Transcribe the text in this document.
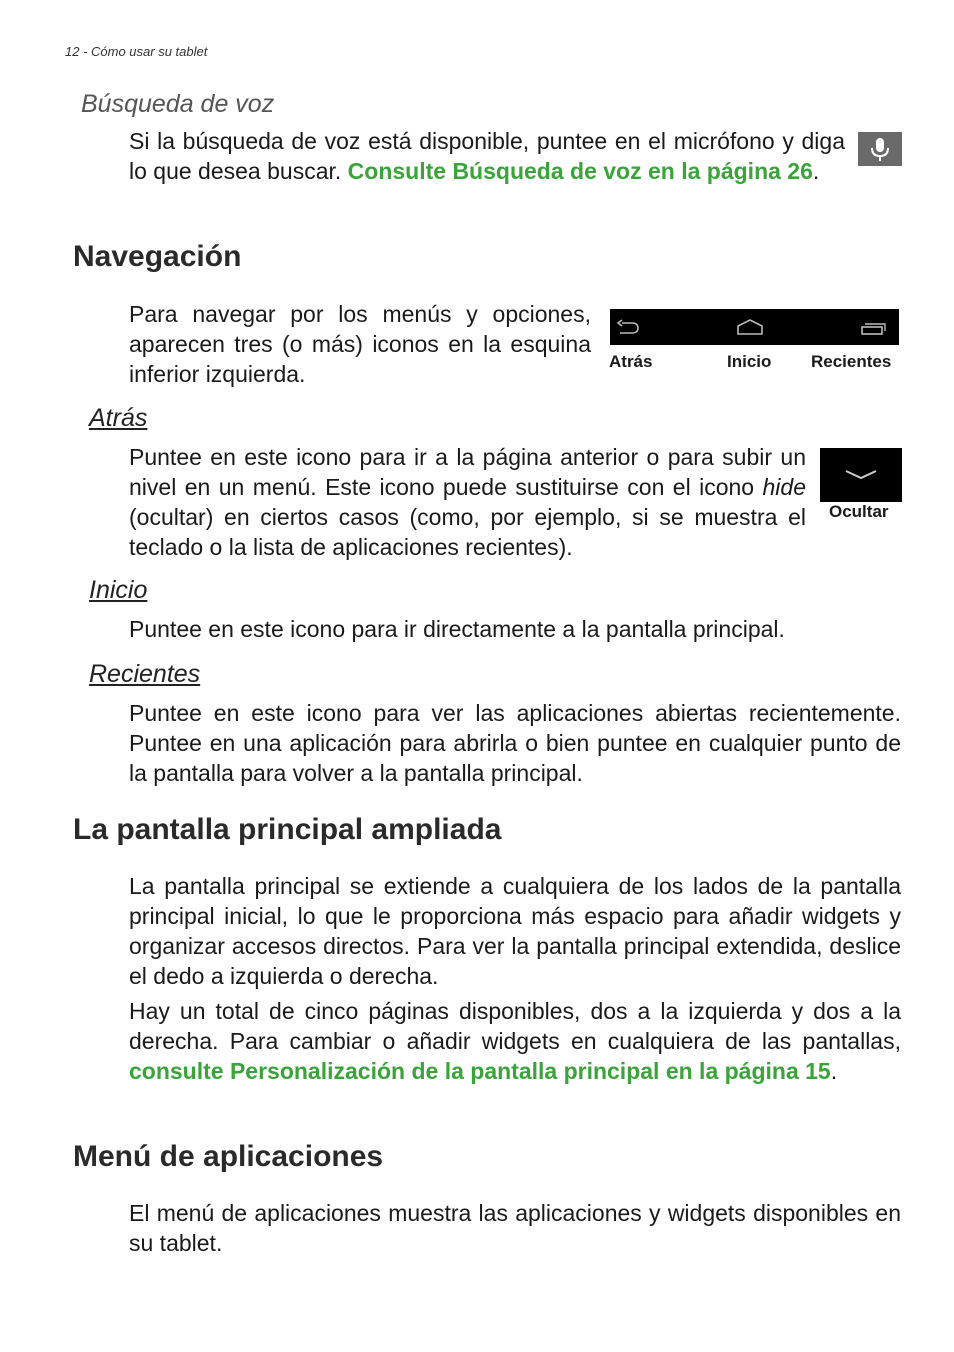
12 - Cómo usar su tablet
Búsqueda de voz
Si la búsqueda de voz está disponible, puntee en el micrófono y diga lo que desea buscar. Consulte Búsqueda de voz en la página 26.
Navegación
Para navegar por los menús y opciones, aparecen tres (o más) iconos en la esquina inferior izquierda.	Atrás	Inicio Recientes
Atrás
Puntee en este icono para ir a la página anterior o para subir un nivel en un menú. Este icono puede sustituirse con el icono hide (ocultar) en ciertos casos (como, por ejemplo, si se muestra el teclado o la lista de aplicaciones recientes).
Ocultar
Inicio
Puntee en este icono para ir directamente a la pantalla principal.
Recientes
Puntee en este icono para ver las aplicaciones abiertas recientemente. Puntee en una aplicación para abrirla o bien puntee en cualquier punto de la pantalla para volver a la pantalla principal.
La pantalla principal ampliada
La pantalla principal se extiende a cualquiera de los lados de la pantalla principal inicial, lo que le proporciona más espacio para añadir widgets y organizar accesos directos. Para ver la pantalla principal extendida, deslice el dedo a izquierda o derecha.
Hay un total de cinco páginas disponibles, dos a la izquierda y dos a la derecha. Para cambiar o añadir widgets en cualquiera de las pantallas, consulte Personalización de la pantalla principal en la página 15.
Menú de aplicaciones
El menú de aplicaciones muestra las aplicaciones y widgets disponibles en su tablet.
